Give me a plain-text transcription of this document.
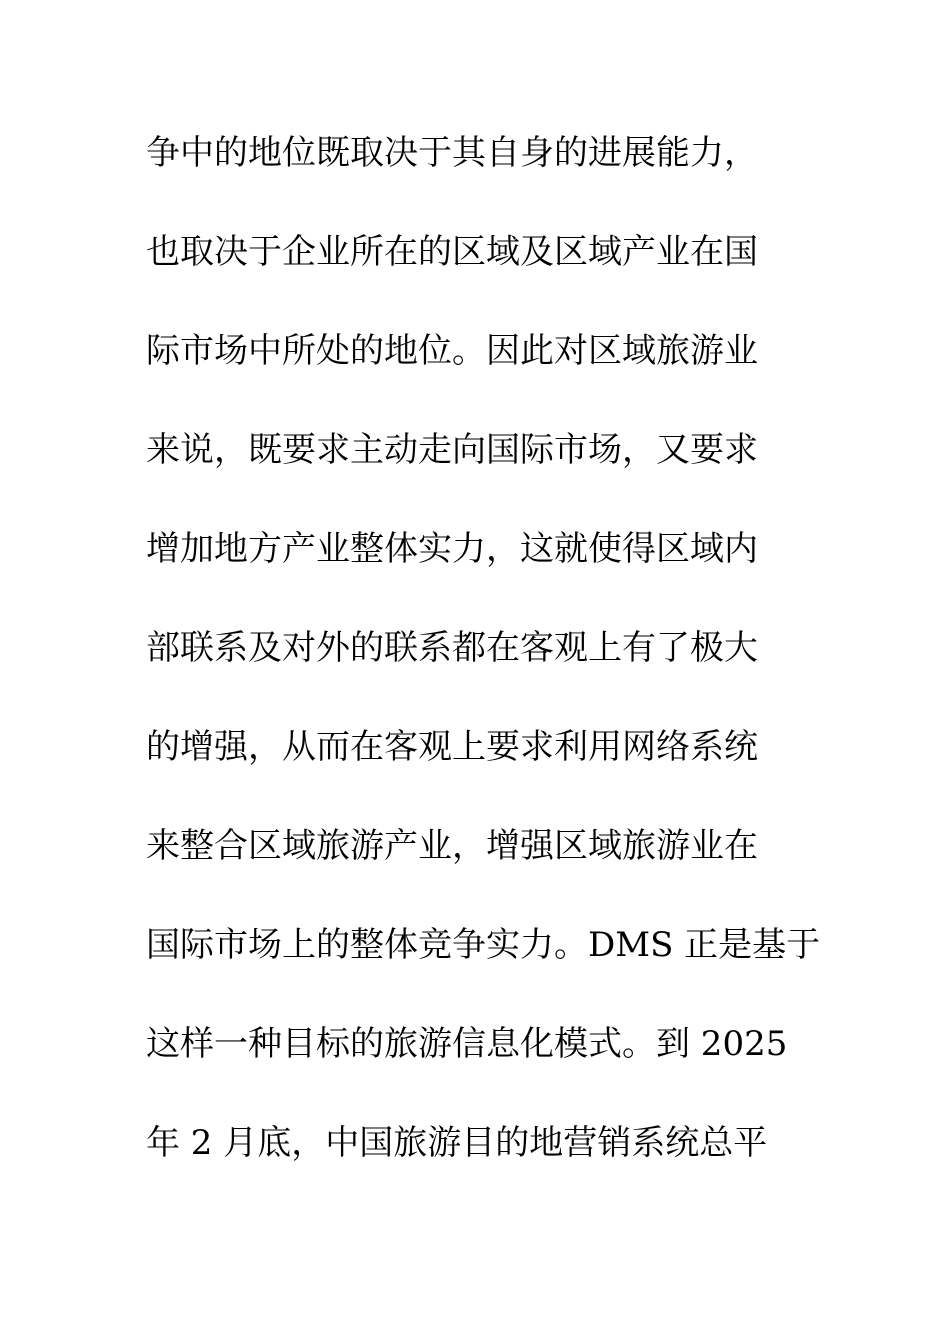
争中的地位既取决于其自身的进展能力，
也取决于企业所在的区域及区域产业在国
际市场中所处的地位。因此对区域旅游业
来说，既要求主动走向国际市场，又要求
增加地方产业整体实力，这就使得区域内
部联系及对外的联系都在客观上有了极大
的增强，从而在客观上要求利用网络系统
来整合区域旅游产业，增强区域旅游业在
国际市场上的整体竞争实力。DMS 正是基于
这样一种目标的旅游信息化模式。到 2025
年 2 月底，中国旅游目的地营销系统总平
